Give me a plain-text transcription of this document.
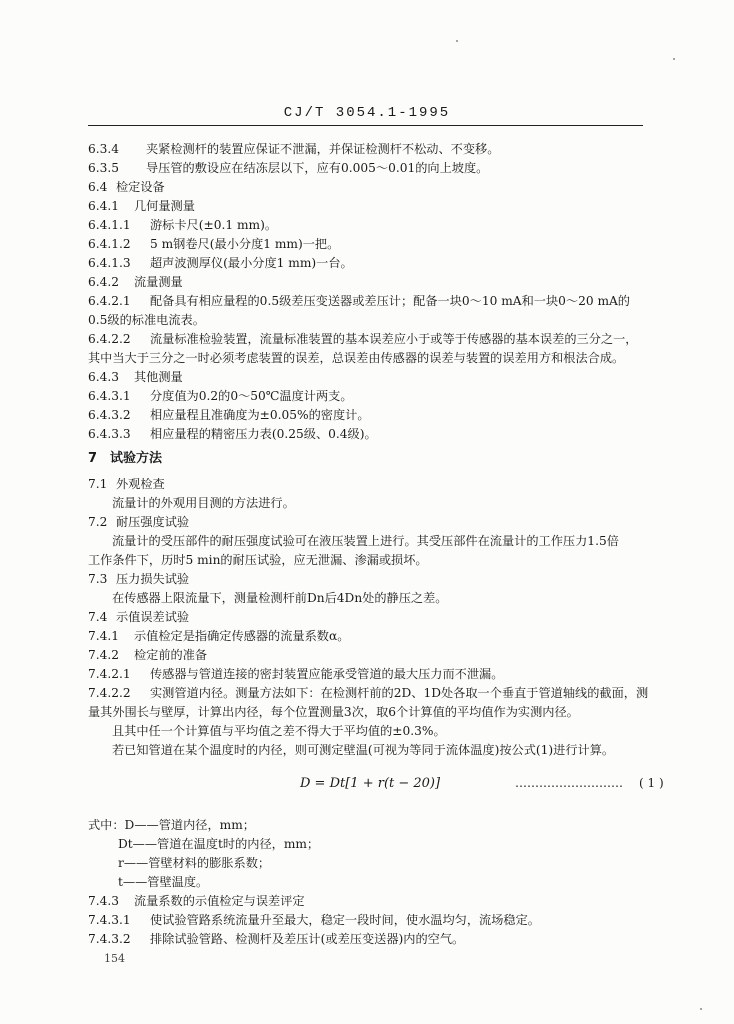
CJ/T 3054.1-1995
6.3.4 夹紧检测杆的装置应保证不泄漏，并保证检测杆不松动、不变移。
6.3.5 导压管的敷设应在结冻层以下，应有0.005～0.01的向上坡度。
6.4 检定设备
6.4.1 几何量测量
6.4.1.1 游标卡尺(±0.1 mm)。
6.4.1.2 5 m钢卷尺(最小分度1 mm)一把。
6.4.1.3 超声波测厚仪(最小分度1 mm)一台。
6.4.2 流量测量
6.4.2.1 配备具有相应量程的0.5级差压变送器或差压计；配备一块0～10 mA和一块0～20 mA的
0.5级的标准电流表。
6.4.2.2 流量标准检验装置，流量标准装置的基本误差应小于或等于传感器的基本误差的三分之一，
其中当大于三分之一时必须考虑装置的误差，总误差由传感器的误差与装置的误差用方和根法合成。
6.4.3 其他测量
6.4.3.1 分度值为0.2的0～50℃温度计两支。
6.4.3.2 相应量程且准确度为±0.05%的密度计。
6.4.3.3 相应量程的精密压力表(0.25级、0.4级)。
7 试验方法
7.1 外观检查
流量计的外观用目测的方法进行。
7.2 耐压强度试验
流量计的受压部件的耐压强度试验可在液压装置上进行。其受压部件在流量计的工作压力1.5倍
工作条件下，历时5 min的耐压试验，应无泄漏、渗漏或损坏。
7.3 压力损失试验
在传感器上限流量下，测量检测杆前Dn后4Dn处的静压之差。
7.4 示值误差试验
7.4.1 示值检定是指确定传感器的流量系数α。
7.4.2 检定前的准备
7.4.2.1 传感器与管道连接的密封装置应能承受管道的最大压力而不泄漏。
7.4.2.2 实测管道内径。测量方法如下：在检测杆前的2D、1D处各取一个垂直于管道轴线的截面，测
量其外围长与壁厚，计算出内径，每个位置测量3次，取6个计算值的平均值作为实测内径。
且其中任一个计算值与平均值之差不得大于平均值的±0.3%。
若已知管道在某个温度时的内径，则可测定壁温(可视为等同于流体温度)按公式(1)进行计算。
D = Dt[1 + r(t − 20)]	……………………… ( 1 )
式中：D——管道内径，mm；
Dt——管道在温度t时的内径，mm；
r——管壁材料的膨胀系数；
t——管壁温度。
7.4.3 流量系数的示值检定与误差评定
7.4.3.1 使试验管路系统流量升至最大，稳定一段时间，使水温均匀，流场稳定。
7.4.3.2 排除试验管路、检测杆及差压计(或差压变送器)内的空气。
154
